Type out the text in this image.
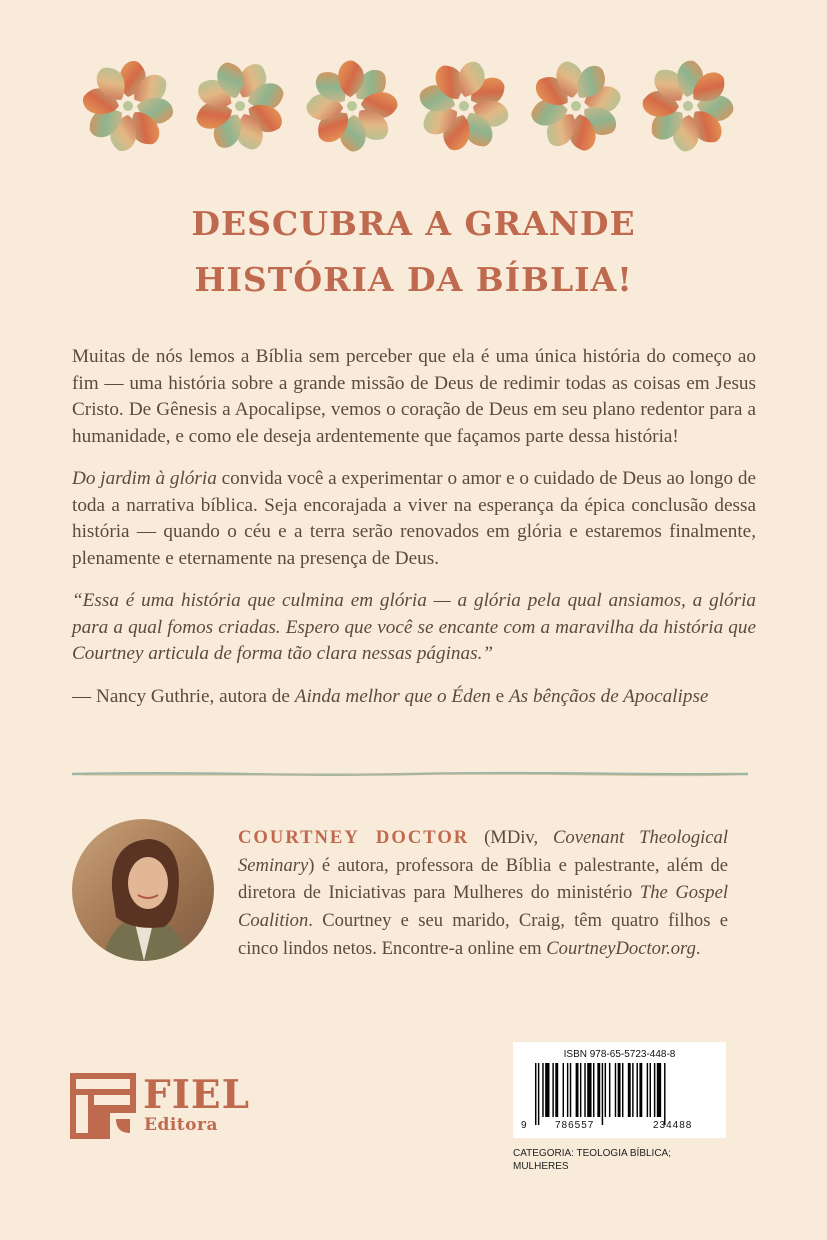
DESCUBRA A GRANDE
HISTÓRIA DA BÍBLIA!

Muitas de nós lemos a Bíblia sem perceber que ela é uma única história do começo ao fim — uma história sobre a grande missão de Deus de redimir todas as coisas em Jesus Cristo. De Gênesis a Apocalipse, vemos o coração de Deus em seu plano redentor para a humanidade, e como ele deseja ardentemente que façamos parte dessa história!

Do jardim à glória convida você a experimentar o amor e o cuidado de Deus ao longo de toda a narrativa bíblica. Seja encorajada a viver na esperança da épica conclusão dessa história — quando o céu e a terra serão renovados em glória e estaremos finalmente, plenamente e eternamente na presença de Deus.

“Essa é uma história que culmina em glória — a glória pela qual ansiamos, a glória para a qual fomos criadas. Espero que você se encante com a maravilha da história que Courtney articula de forma tão clara nessas páginas.”

— Nancy Guthrie, autora de Ainda melhor que o Éden e As bênçãos de Apocalipse

COURTNEY DOCTOR (MDiv, Covenant Theological Seminary) é autora, professora de Bíblia e palestrante, além de diretora de Iniciativas para Mulheres do ministério The Gospel Coalition. Courtney e seu marido, Craig, têm quatro filhos e cinco lindos netos. Encontre-a online em CourtneyDoctor.org.
FIEL
Editora
ISBN 978-65-5723-448-8
9	786557	234488
CATEGORIA: TEOLOGIA BÍBLICA;
MULHERES
